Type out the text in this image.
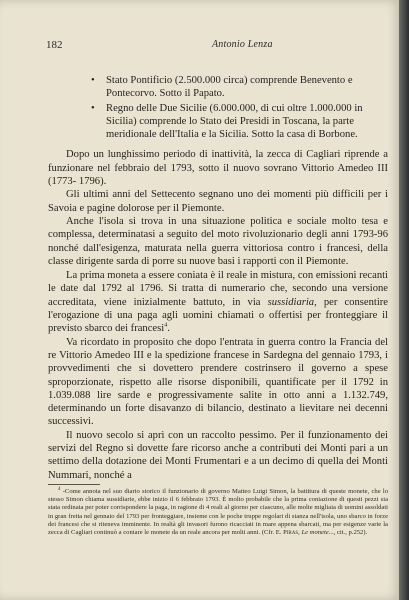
182	Antonio Lenza
• Stato Pontificio (2.500.000 circa) comprende Benevento e Pontecorvo. Sotto il Papato.
• Regno delle Due Sicilie (6.000.000, di cui oltre 1.000.000 in Sicilia) comprende lo Stato dei Presidi in Toscana, la parte meridionale dell'Italia e la Sicilia. Sotto la casa di Borbone.

Dopo un lunghissimo periodo di inattività, la zecca di Cagliari riprende a funzionare nel febbraio del 1793, sotto il nuovo sovrano Vittorio Amedeo III (1773- 1796).

Gli ultimi anni del Settecento segnano uno dei momenti più difficili per i Savoia e pagine dolorose per il Piemonte.

Anche l'isola si trova in una situazione politica e sociale molto tesa e complessa, determinatasi a seguito del moto rivoluzionario degli anni 1793-96 nonché dall'esigenza, maturata nella guerra vittoriosa contro i francesi, della classe dirigente sarda di porre su nuove basi i rapporti con il Piemonte.

La prima moneta a essere coniata è il reale in mistura, con emissioni recanti le date dal 1792 al 1796. Si tratta di numerario che, secondo una versione accreditata, viene inizialmente battuto, in via sussidiaria, per consentire l'erogazione di una paga agli uomini chiamati o offertisi per fronteggiare il previsto sbarco dei francesi$^4$.

Va ricordato in proposito che dopo l'entrata in guerra contro la Francia del re Vittorio Amedeo III e la spedizione francese in Sardegna del gennaio 1793, i provvedimenti che si dovettero prendere costrinsero il governo a spese sproporzionate, rispetto alle risorse disponibili, quantificate per il 1792 in 1.039.088 lire sarde e progressivamente salite in otto anni a 1.132.749, determinando un forte disavanzo di bilancio, destinato a lievitare nei decenni successivi.

Il nuovo secolo si aprì con un raccolto pessimo. Per il funzionamento dei servizi del Regno si dovette fare ricorso anche a contributi dei Monti pari a un settimo della dotazione dei Monti Frumentari e a un decimo di quella dei Monti Nummari, nonché a

$^4$ -Come annota nel suo diario storico il funzionario di governo Matteo Luigi Simon, la battitura di queste monete, che lo stesso Simon chiama sussidiarie, ebbe inizio il 6 febbraio 1793. È molto probabile che la prima coniazione di questi pezzi sia stata ordinata per poter corrispondere la paga, in ragione di 4 reali al giorno per ciascuno, alle molte migliaia di uomini assoldati in gran fretta nel gennaio del 1793 per fronteggiare, insieme con le poche truppe regolari di stanza nell'isola, uno sbarco in forze dei francesi che si riteneva imminente. In realtà gli invasori furono ricacciati in mare appena sbarcati, ma per esigenze varie la zecca di Cagliari continuò a coniare le monete da un reale ancora per molti anni. (Cfr. E. Piras, Le monete..., cit., p.252).
